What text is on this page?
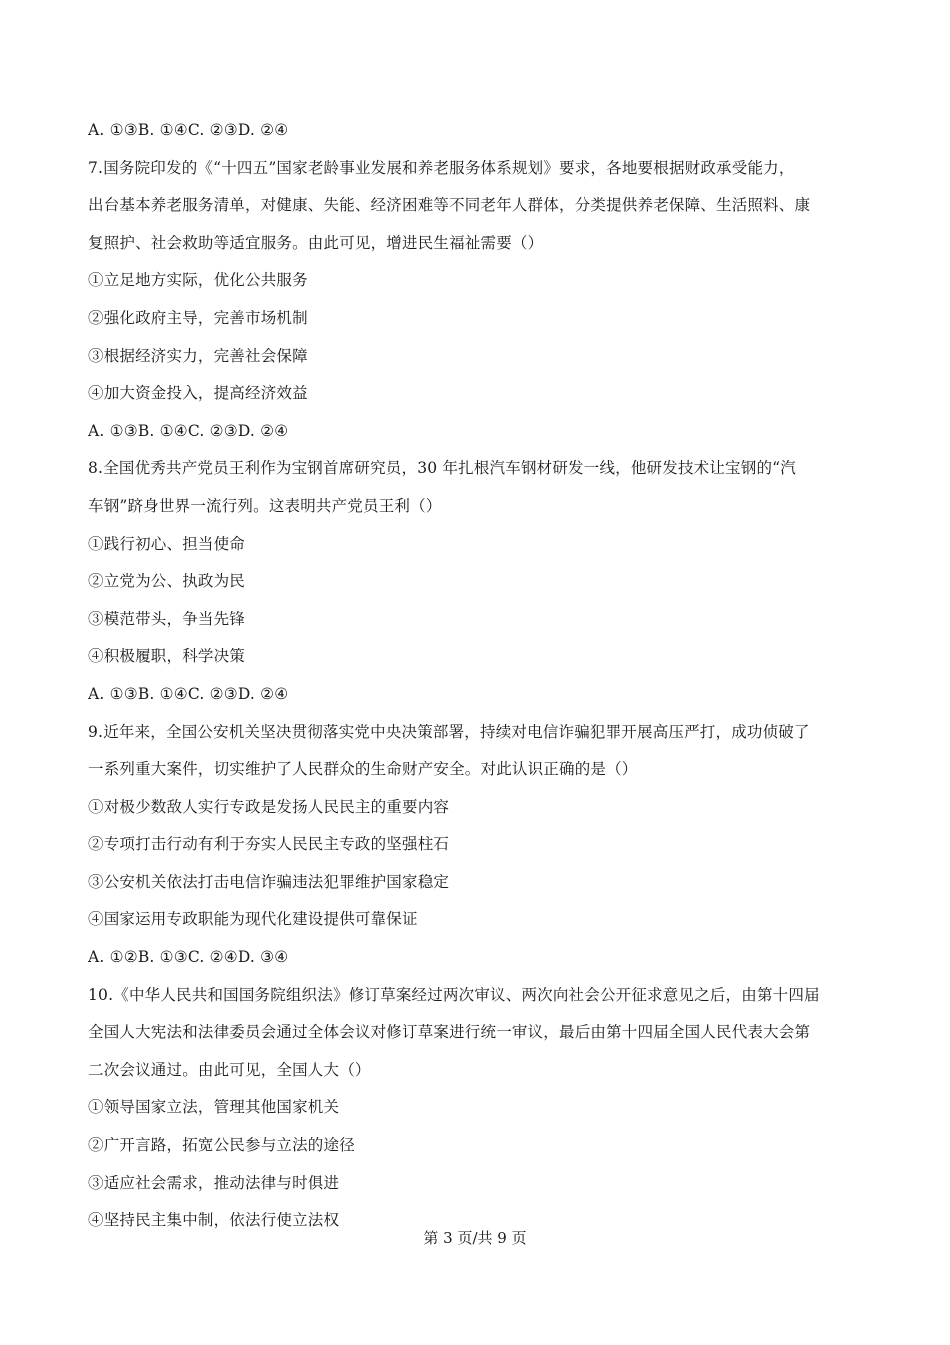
A. ①③B. ①④C. ②③D. ②④
7.国务院印发的《“十四五”国家老龄事业发展和养老服务体系规划》要求，各地要根据财政承受能力，
出台基本养老服务清单，对健康、失能、经济困难等不同老年人群体，分类提供养老保障、生活照料、康
复照护、社会救助等适宜服务。由此可见，增进民生福祉需要（）
①立足地方实际，优化公共服务
②强化政府主导，完善市场机制
③根据经济实力，完善社会保障
④加大资金投入，提高经济效益
A. ①③B. ①④C. ②③D. ②④
8.全国优秀共产党员王利作为宝钢首席研究员，30 年扎根汽车钢材研发一线，他研发技术让宝钢的“汽
车钢”跻身世界一流行列。这表明共产党员王利（）
①践行初心、担当使命
②立党为公、执政为民
③模范带头，争当先锋
④积极履职，科学决策
A. ①③B. ①④C. ②③D. ②④
9.近年来，全国公安机关坚决贯彻落实党中央决策部署，持续对电信诈骗犯罪开展高压严打，成功侦破了
一系列重大案件，切实维护了人民群众的生命财产安全。对此认识正确的是（）
①对极少数敌人实行专政是发扬人民民主的重要内容
②专项打击行动有利于夯实人民民主专政的坚强柱石
③公安机关依法打击电信诈骗违法犯罪维护国家稳定
④国家运用专政职能为现代化建设提供可靠保证
A. ①②B. ①③C. ②④D. ③④
10.《中华人民共和国国务院组织法》修订草案经过两次审议、两次向社会公开征求意见之后，由第十四届
全国人大宪法和法律委员会通过全体会议对修订草案进行统一审议，最后由第十四届全国人民代表大会第
二次会议通过。由此可见，全国人大（）
①领导国家立法，管理其他国家机关
②广开言路，拓宽公民参与立法的途径
③适应社会需求，推动法律与时俱进
④坚持民主集中制，依法行使立法权
第 3 页/共 9 页
